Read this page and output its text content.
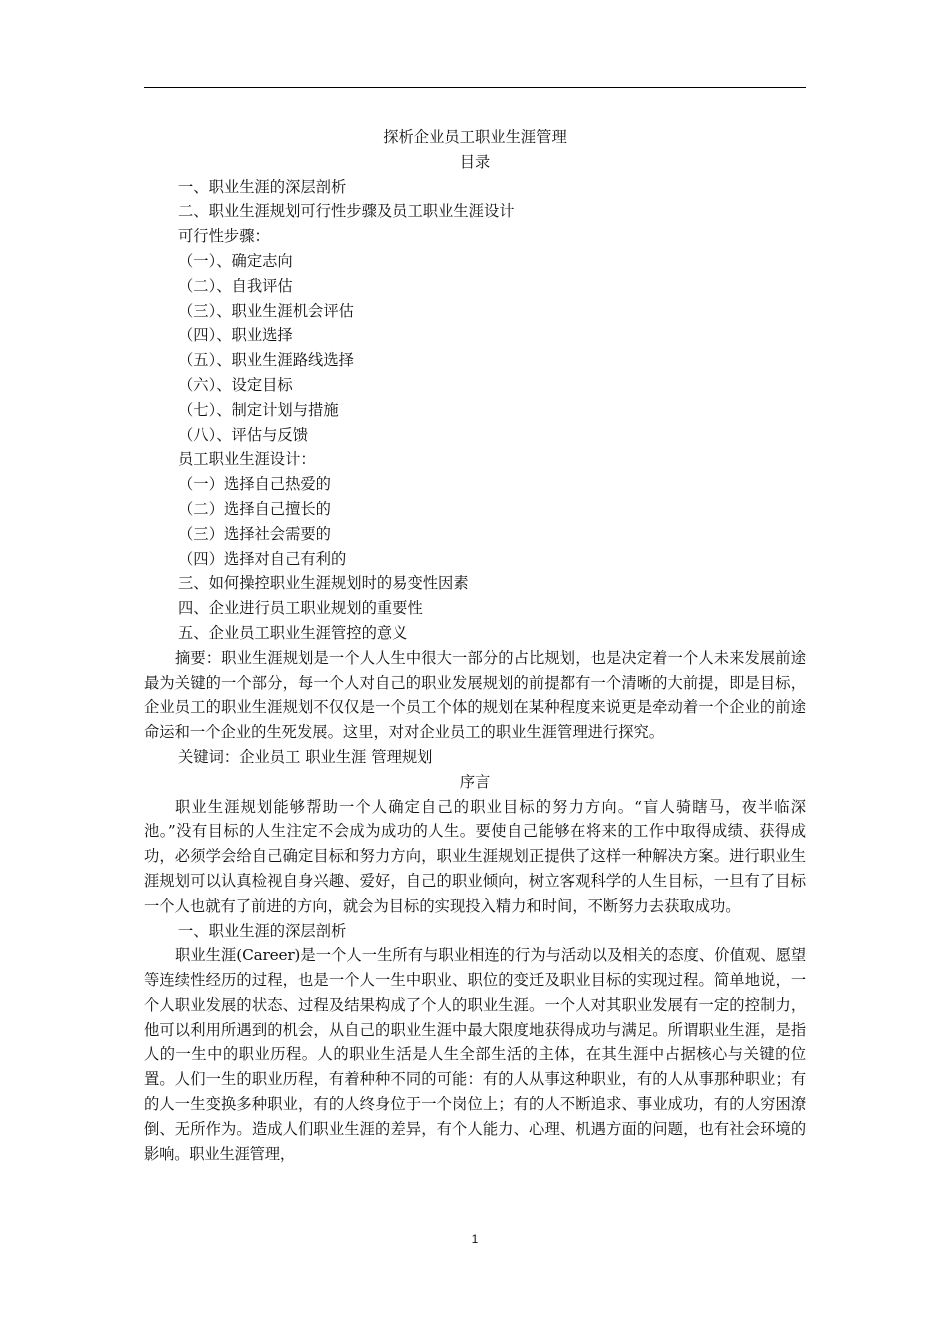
探析企业员工职业生涯管理
目录
一、职业生涯的深层剖析
二、职业生涯规划可行性步骤及员工职业生涯设计
可行性步骤：
（一）、确定志向
（二）、自我评估
（三）、职业生涯机会评估
（四）、职业选择
（五）、职业生涯路线选择
（六）、设定目标
（七）、制定计划与措施
（八）、评估与反馈
员工职业生涯设计：
（一）选择自己热爱的
（二）选择自己擅长的
（三）选择社会需要的
（四）选择对自己有利的
三、如何操控职业生涯规划时的易变性因素
四、企业进行员工职业规划的重要性
五、企业员工职业生涯管控的意义

摘要：职业生涯规划是一个人人生中很大一部分的占比规划，也是决定着一个人未来发展前途最为关键的一个部分，每一个人对自己的职业发展规划的前提都有一个清晰的大前提，即是目标，企业员工的职业生涯规划不仅仅是一个员工个体的规划在某种程度来说更是牵动着一个企业的前途命运和一个企业的生死发展。这里，对对企业员工的职业生涯管理进行探究。

关键词：企业员工 职业生涯 管理规划
序言

职业生涯规划能够帮助一个人确定自己的职业目标的努力方向。“盲人骑瞎马，夜半临深池。”没有目标的人生注定不会成为成功的人生。要使自己能够在将来的工作中取得成绩、获得成功，必须学会给自己确定目标和努力方向，职业生涯规划正提供了这样一种解决方案。进行职业生涯规划可以认真检视自身兴趣、爱好，自己的职业倾向，树立客观科学的人生目标，一旦有了目标一个人也就有了前进的方向，就会为目标的实现投入精力和时间，不断努力去获取成功。

一、职业生涯的深层剖析

职业生涯(Career)是一个人一生所有与职业相连的行为与活动以及相关的态度、价值观、愿望等连续性经历的过程，也是一个人一生中职业、职位的变迁及职业目标的实现过程。简单地说，一个人职业发展的状态、过程及结果构成了个人的职业生涯。一个人对其职业发展有一定的控制力，他可以利用所遇到的机会，从自己的职业生涯中最大限度地获得成功与满足。所谓职业生涯，是指人的一生中的职业历程。人的职业生活是人生全部生活的主体，在其生涯中占据核心与关键的位置。人们一生的职业历程，有着种种不同的可能：有的人从事这种职业，有的人从事那种职业；有的人一生变换多种职业，有的人终身位于一个岗位上；有的人不断追求、事业成功，有的人穷困潦倒、无所作为。造成人们职业生涯的差异，有个人能力、心理、机遇方面的问题，也有社会环境的影响。职业生涯管理，

1
